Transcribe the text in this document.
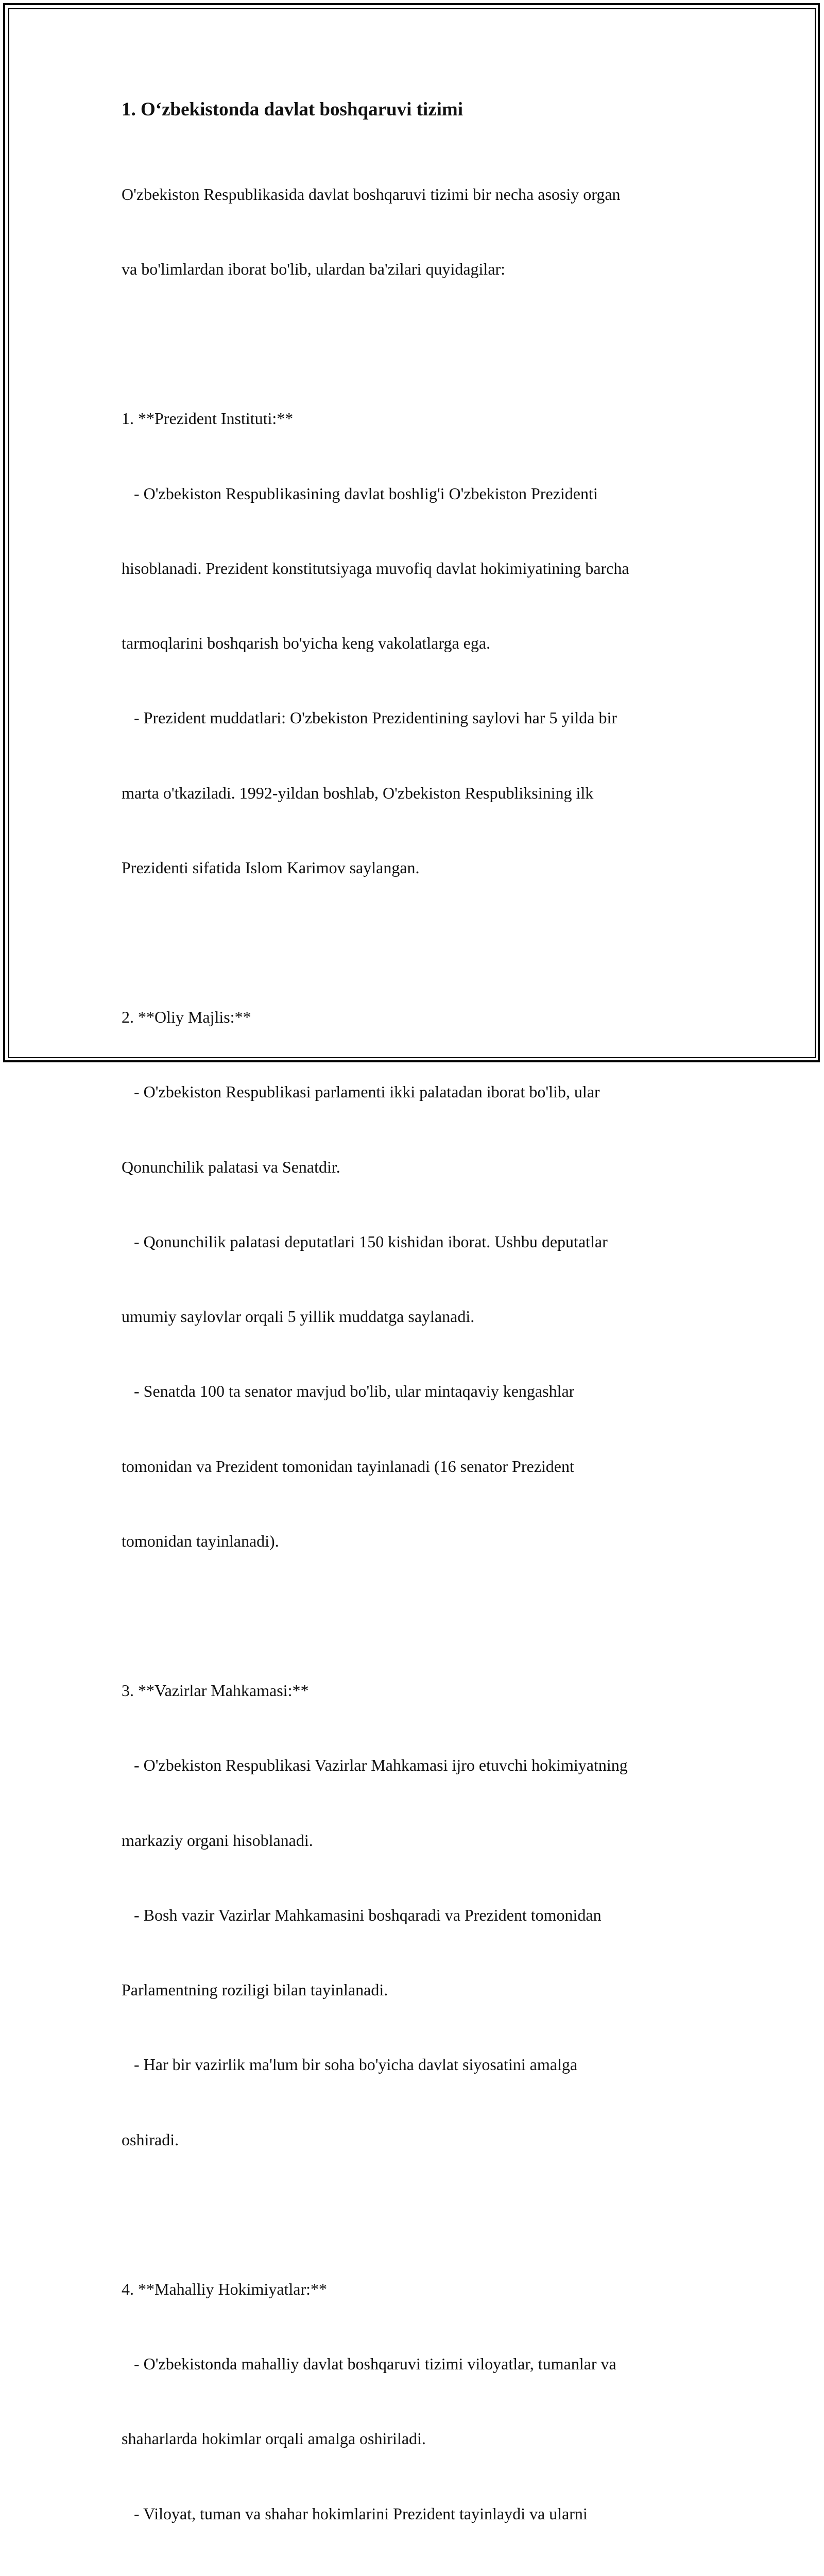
1. Oʻzbekistonda davlat boshqaruvi tizimi

O'zbekiston Respublikasida davlat boshqaruvi tizimi bir necha asosiy organ

va bo'limlardan iborat bo'lib, ulardan ba'zilari quyidagilar:

1. **Prezident Instituti:**

- O'zbekiston Respublikasining davlat boshlig'i O'zbekiston Prezidenti

hisoblanadi. Prezident konstitutsiyaga muvofiq davlat hokimiyatining barcha

tarmoqlarini boshqarish bo'yicha keng vakolatlarga ega.

- Prezident muddatlari: O'zbekiston Prezidentining saylovi har 5 yilda bir

marta o'tkaziladi. 1992-yildan boshlab, O'zbekiston Respubliksining ilk

Prezidenti sifatida Islom Karimov saylangan.

2. **Oliy Majlis:**

- O'zbekiston Respublikasi parlamenti ikki palatadan iborat bo'lib, ular

Qonunchilik palatasi va Senatdir.

- Qonunchilik palatasi deputatlari 150 kishidan iborat. Ushbu deputatlar

umumiy saylovlar orqali 5 yillik muddatga saylanadi.

- Senatda 100 ta senator mavjud bo'lib, ular mintaqaviy kengashlar

tomonidan va Prezident tomonidan tayinlanadi (16 senator Prezident

tomonidan tayinlanadi).

3. **Vazirlar Mahkamasi:**

- O'zbekiston Respublikasi Vazirlar Mahkamasi ijro etuvchi hokimiyatning

markaziy organi hisoblanadi.

- Bosh vazir Vazirlar Mahkamasini boshqaradi va Prezident tomonidan

Parlamentning roziligi bilan tayinlanadi.

- Har bir vazirlik ma'lum bir soha bo'yicha davlat siyosatini amalga

oshiradi.

4. **Mahalliy Hokimiyatlar:**

- O'zbekistonda mahalliy davlat boshqaruvi tizimi viloyatlar, tumanlar va

shaharlarda hokimlar orqali amalga oshiriladi.

- Viloyat, tuman va shahar hokimlarini Prezident tayinlaydi va ularni
